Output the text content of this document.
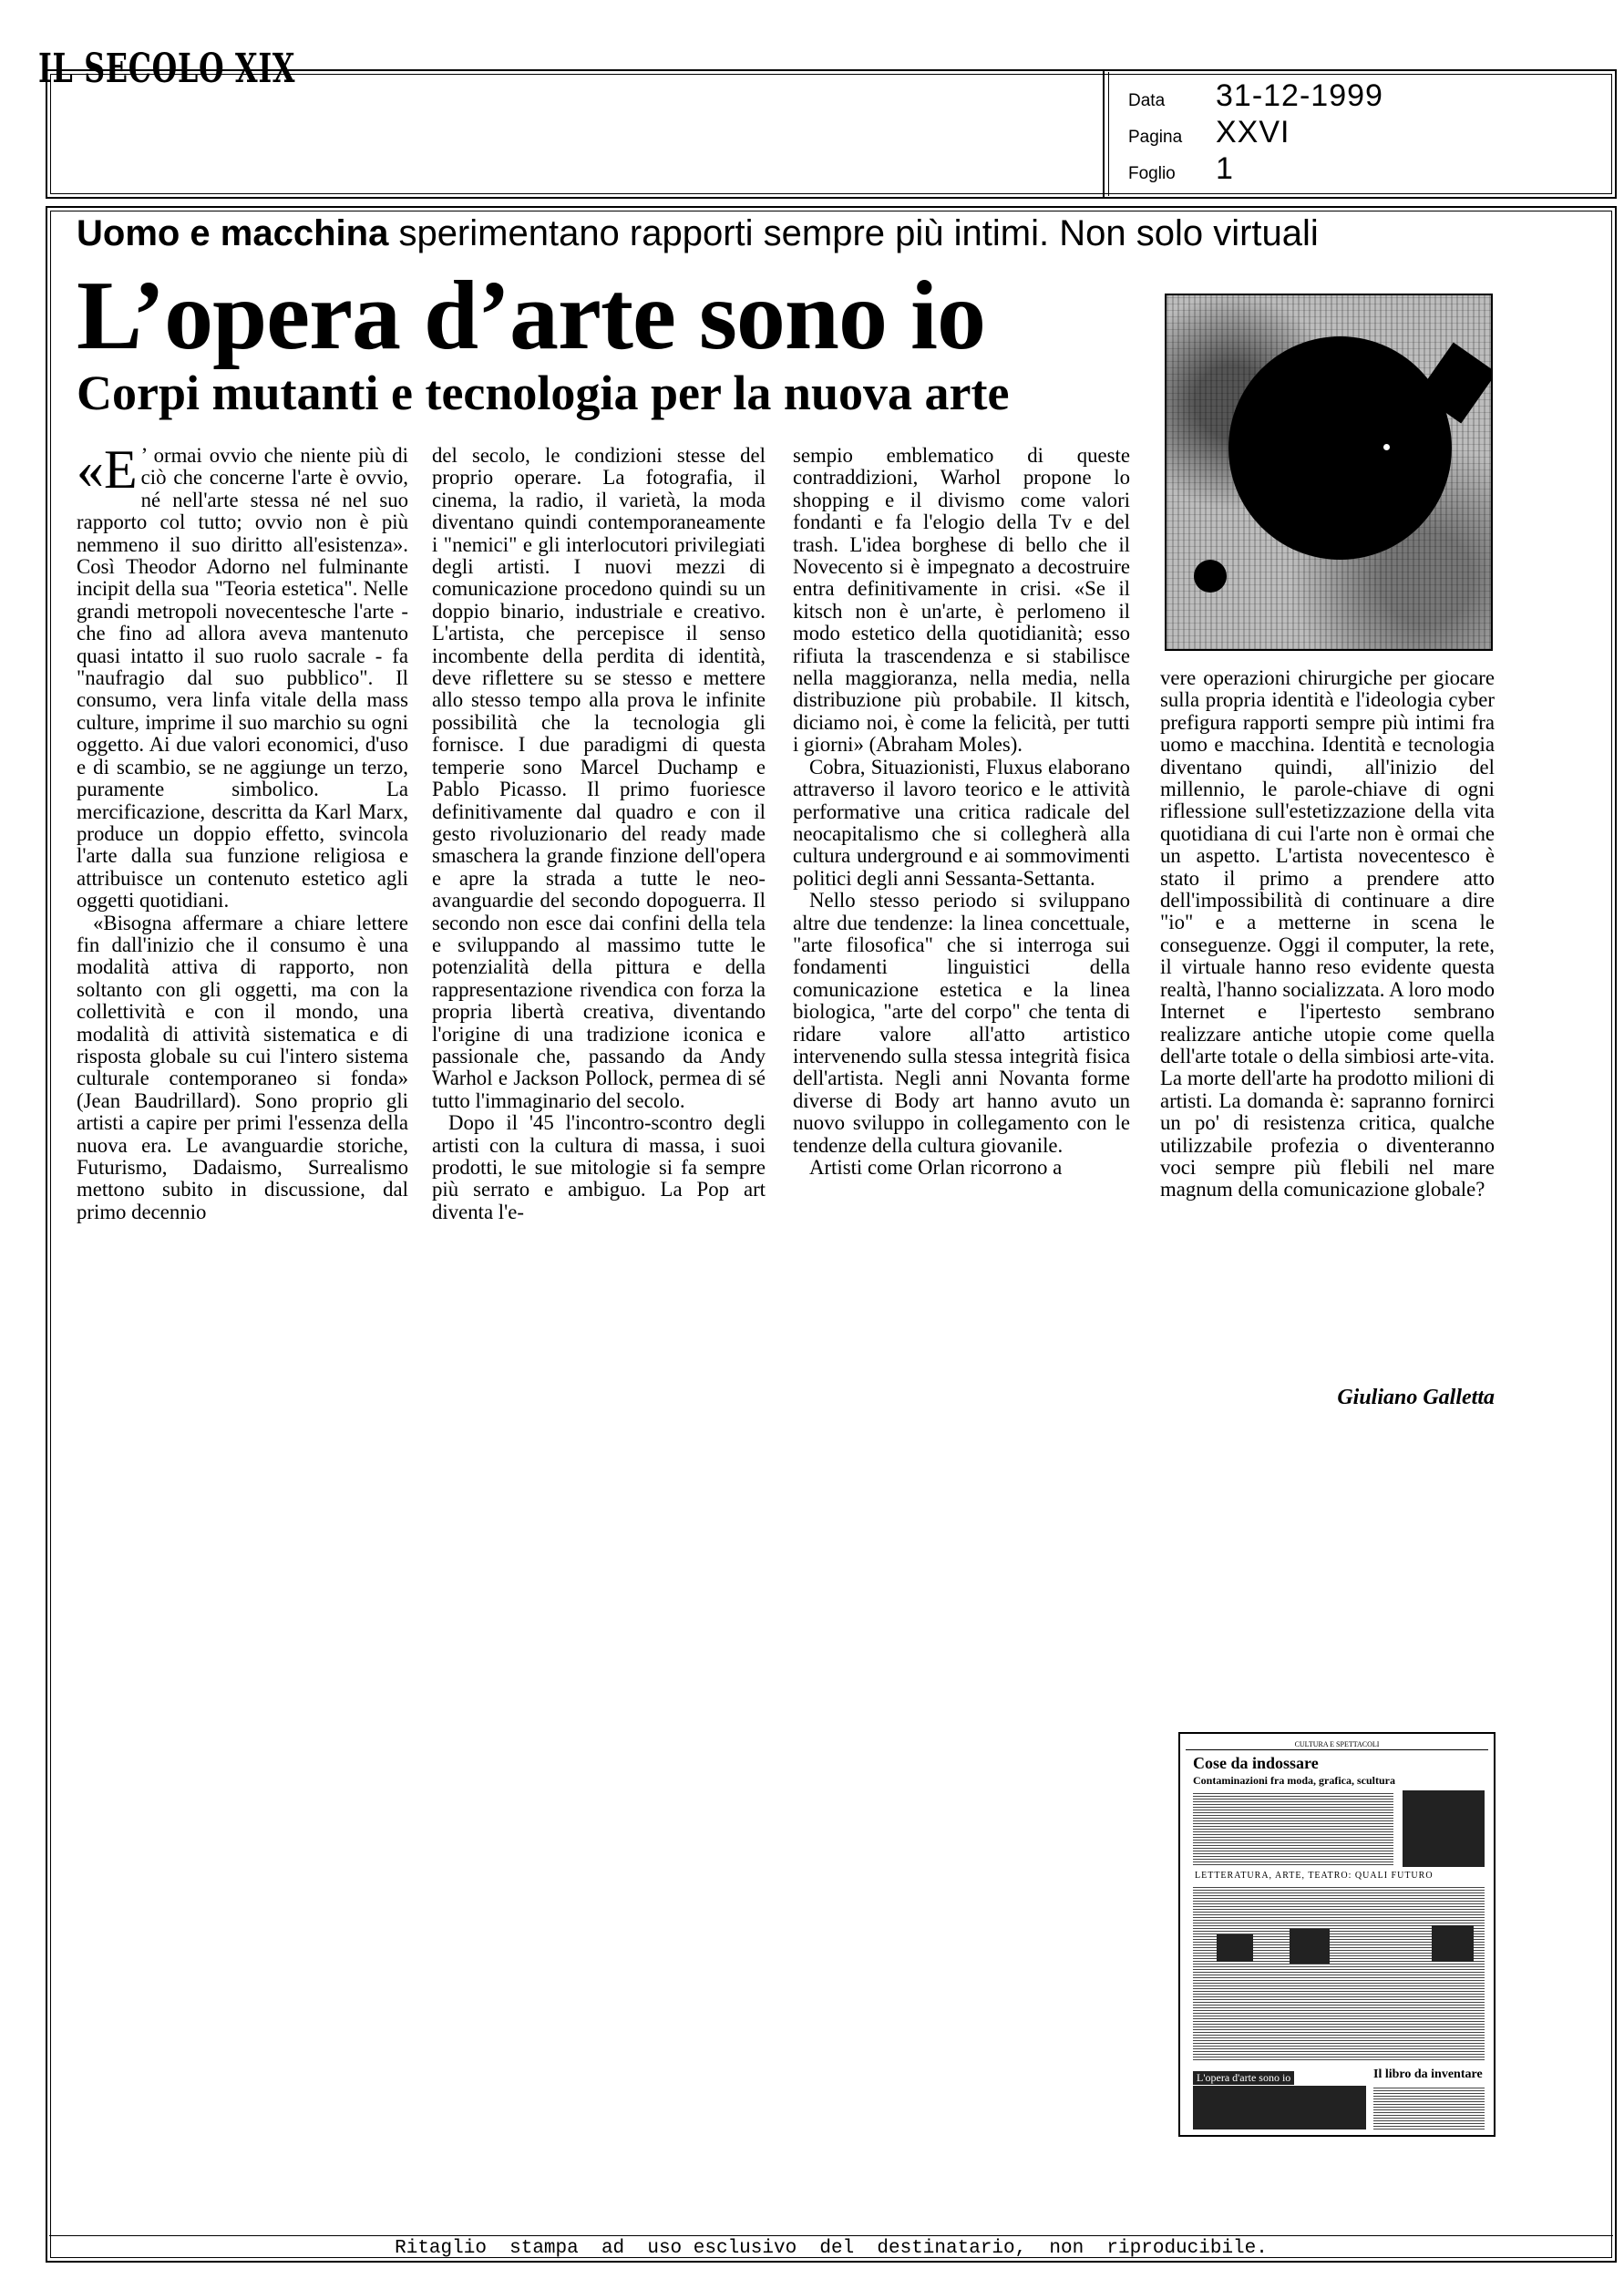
IL SECOLO XIX
Data	31-12-1999
Pagina	XXVI
Foglio	1
Uomo e macchina sperimentano rapporti sempre più intimi. Non solo virtuali
L’opera d’arte sono io
Corpi mutanti e tecnologia per la nuova arte

«E ’ ormai ovvio che niente più di ciò che concerne l'arte è ovvio, né nell'arte stessa né nel suo rapporto col tutto; ovvio non è più nemmeno il suo diritto all'esistenza». Così Theodor Adorno nel fulminante incipit della sua "Teoria estetica". Nelle grandi metropoli novecentesche l'arte - che fino ad allora aveva mantenuto quasi intatto il suo ruolo sacrale - fa "naufragio dal suo pubblico". Il consumo, vera linfa vitale della mass culture, imprime il suo marchio su ogni oggetto. Ai due valori economici, d'uso e di scambio, se ne aggiunge un terzo, puramente simbolico. La mercificazione, descritta da Karl Marx, produce un doppio effetto, svincola l'arte dalla sua funzione religiosa e attribuisce un contenuto estetico agli oggetti quotidiani.

«Bisogna affermare a chiare lettere fin dall'inizio che il consumo è una modalità attiva di rapporto, non soltanto con gli oggetti, ma con la collettività e con il mondo, una modalità di attività sistematica e di risposta globale su cui l'intero sistema culturale contemporaneo si fonda» (Jean Baudrillard). Sono proprio gli artisti a capire per primi l'essenza della nuova era. Le avanguardie storiche, Futurismo, Dadaismo, Surrealismo mettono subito in discussione, dal primo decennio

del secolo, le condizioni stesse del proprio operare. La fotografia, il cinema, la radio, il varietà, la moda diventano quindi contemporaneamente i "nemici" e gli interlocutori privilegiati degli artisti. I nuovi mezzi di comunicazione procedono quindi su un doppio binario, industriale e creativo. L'artista, che percepisce il senso incombente della perdita di identità, deve riflettere su se stesso e mettere allo stesso tempo alla prova le infinite possibilità che la tecnologia gli fornisce. I due paradigmi di questa temperie sono Marcel Duchamp e Pablo Picasso. Il primo fuoriesce definitivamente dal quadro e con il gesto rivoluzionario del ready made smaschera la grande finzione dell'opera e apre la strada a tutte le neo-avanguardie del secondo dopoguerra. Il secondo non esce dai confini della tela e sviluppando al massimo tutte le potenzialità della pittura e della rappresentazione rivendica con forza la propria libertà creativa, diventando l'origine di una tradizione iconica e passionale che, passando da Andy Warhol e Jackson Pollock, permea di sé tutto l'immaginario del secolo.

Dopo il '45 l'incontro-scontro degli artisti con la cultura di massa, i suoi prodotti, le sue mitologie si fa sempre più serrato e ambiguo. La Pop art diventa l'e-

sempio emblematico di queste contraddizioni, Warhol propone lo shopping e il divismo come valori fondanti e fa l'elogio della Tv e del trash. L'idea borghese di bello che il Novecento si è impegnato a decostruire entra definitivamente in crisi. «Se il kitsch non è un'arte, è perlomeno il modo estetico della quotidianità; esso rifiuta la trascendenza e si stabilisce nella maggioranza, nella media, nella distribuzione più probabile. Il kitsch, diciamo noi, è come la felicità, per tutti i giorni» (Abraham Moles).

Cobra, Situazionisti, Fluxus elaborano attraverso il lavoro teorico e le attività performative una critica radicale del neocapitalismo che si collegherà alla cultura underground e ai sommovimenti politici degli anni Sessanta-Settanta.

Nello stesso periodo si sviluppano altre due tendenze: la linea concettuale, "arte filosofica" che si interroga sui fondamenti linguistici della comunicazione estetica e la linea biologica, "arte del corpo" che tenta di ridare valore all'atto artistico intervenendo sulla stessa integrità fisica dell'artista. Negli anni Novanta forme diverse di Body art hanno avuto un nuovo sviluppo in collegamento con le tendenze della cultura giovanile.

Artisti come Orlan ricorrono a

vere operazioni chirurgiche per giocare sulla propria identità e l'ideologia cyber prefigura rapporti sempre più intimi fra uomo e macchina. Identità e tecnologia diventano quindi, all'inizio del millennio, le parole-chiave di ogni riflessione sull'estetizzazione della vita quotidiana di cui l'arte non è ormai che un aspetto. L'artista novecentesco è stato il primo a prendere atto dell'impossibilità di continuare a dire "io" e a metterne in scena le conseguenze. Oggi il computer, la rete, il virtuale hanno reso evidente questa realtà, l'hanno socializzata. A loro modo Internet e l'ipertesto sembrano realizzare antiche utopie come quella dell'arte totale o della simbiosi arte-vita. La morte dell'arte ha prodotto milioni di artisti. La domanda è: sapranno fornirci un po' di resistenza critica, qualche utilizzabile profezia o diventeranno voci sempre più flebili nel mare magnum della comunicazione globale?

Giuliano Galletta
CULTURA E SPETTACOLI
Cose da indossare
Contaminazioni fra moda, grafica, scultura
LETTERATURA, ARTE, TEATRO: QUALI FUTURO
L'opera d'arte sono io	Il libro da inventare
Ritaglio  stampa  ad  uso esclusivo  del  destinatario,  non  riproducibile.
